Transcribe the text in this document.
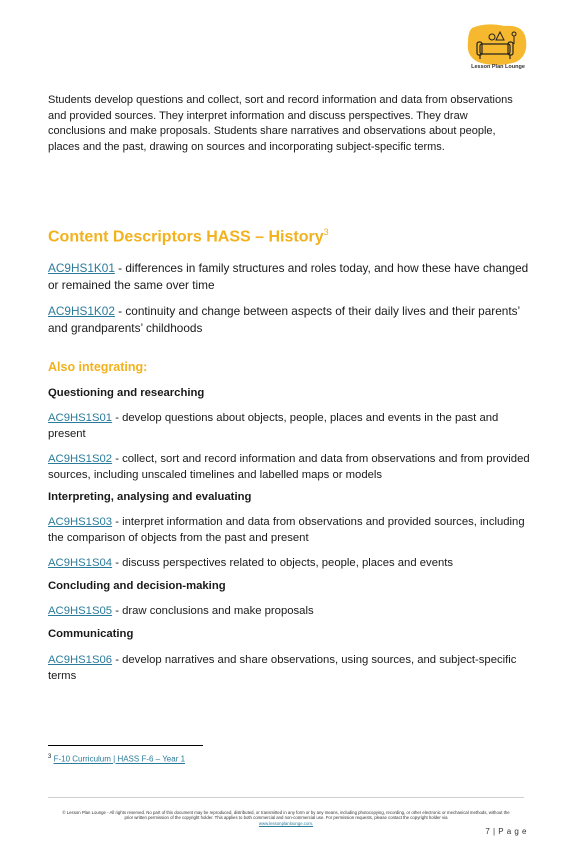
Lesson Plan Lounge
Students develop questions and collect, sort and record information and data from observations and provided sources. They interpret information and discuss perspectives. They draw conclusions and make proposals. Students share narratives and observations about people, places and the past, drawing on sources and incorporating subject-specific terms.
Content Descriptors HASS – History$^3$
AC9HS1K01 - differences in family structures and roles today, and how these have changed or remained the same over time
AC9HS1K02 - continuity and change between aspects of their daily lives and their parents’ and grandparents’ childhoods
Also integrating:
Questioning and researching
AC9HS1S01 - develop questions about objects, people, places and events in the past and present
AC9HS1S02 - collect, sort and record information and data from observations and from provided sources, including unscaled timelines and labelled maps or models
Interpreting, analysing and evaluating
AC9HS1S03 - interpret information and data from observations and provided sources, including the comparison of objects from the past and present
AC9HS1S04 - discuss perspectives related to objects, people, places and events
Concluding and decision-making
AC9HS1S05 - draw conclusions and make proposals
Communicating
AC9HS1S06 - develop narratives and share observations, using sources, and subject-specific terms
$^3$ F-10 Curriculum | HASS F-6 – Year 1
© Lesson Plan Lounge - All rights reserved. No part of this document may be reproduced, distributed, or transmitted in any form or by any means, including photocopying, recording, or other electronic or mechanical methods, without the prior written permission of the copyright holder. This applies to both commercial and non-commercial use. For permission requests, please contact the copyright holder via
www.lessonplanlounge.com.
7 | P a g e
